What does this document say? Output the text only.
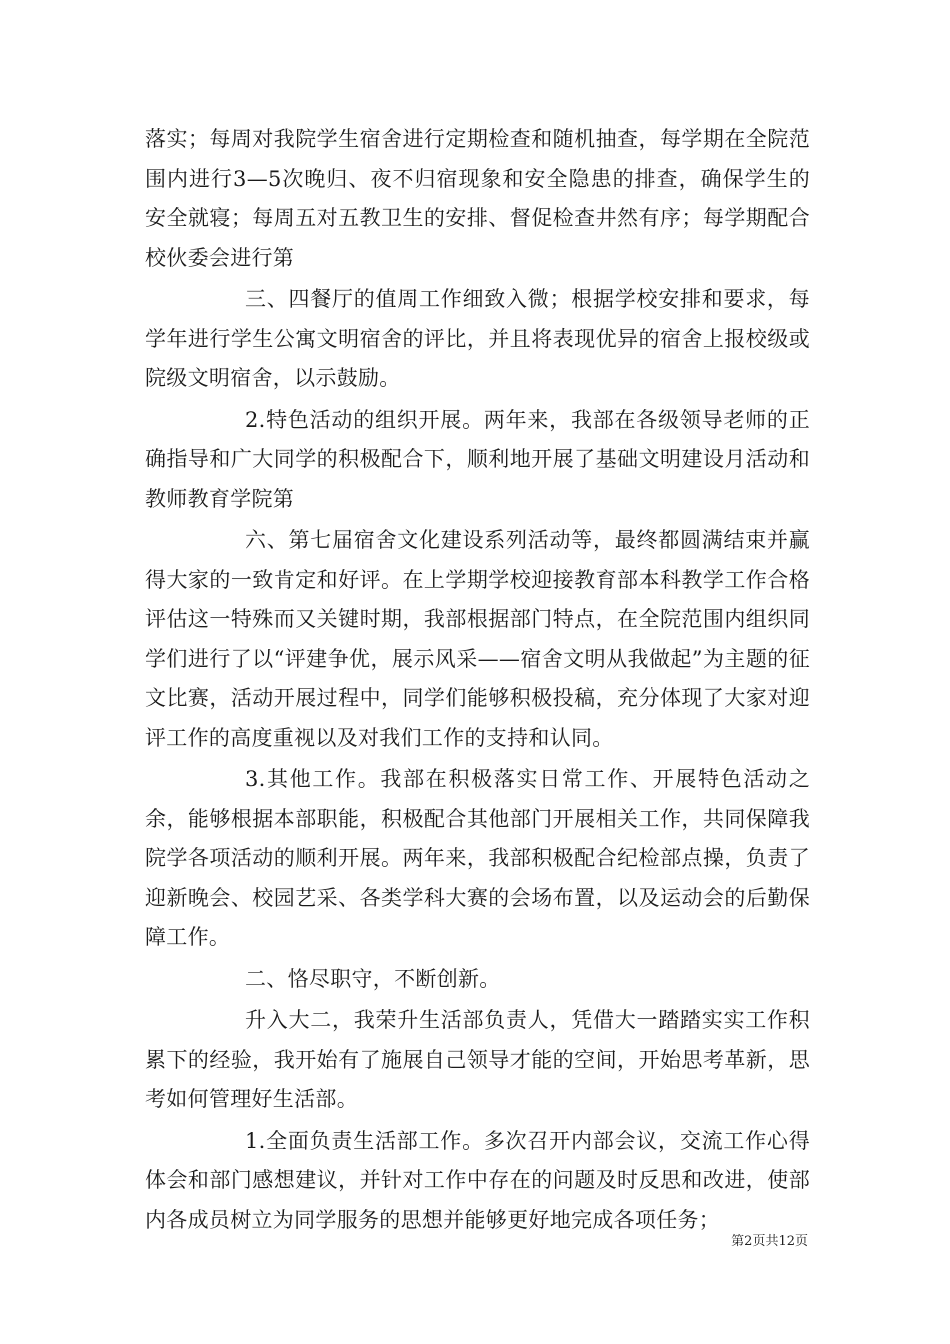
落实；每周对我院学生宿舍进行定期检查和随机抽查，每学期在全院范围内进行3—5次晚归、夜不归宿现象和安全隐患的排查，确保学生的安全就寝；每周五对五教卫生的安排、督促检查井然有序；每学期配合校伙委会进行第

三、四餐厅的值周工作细致入微；根据学校安排和要求，每学年进行学生公寓文明宿舍的评比，并且将表现优异的宿舍上报校级或院级文明宿舍，以示鼓励。

2.特色活动的组织开展。两年来，我部在各级领导老师的正确指导和广大同学的积极配合下，顺利地开展了基础文明建设月活动和教师教育学院第

六、第七届宿舍文化建设系列活动等，最终都圆满结束并赢得大家的一致肯定和好评。在上学期学校迎接教育部本科教学工作合格评估这一特殊而又关键时期，我部根据部门特点，在全院范围内组织同学们进行了以“评建争优，展示风采——宿舍文明从我做起”为主题的征文比赛，活动开展过程中，同学们能够积极投稿，充分体现了大家对迎评工作的高度重视以及对我们工作的支持和认同。

3.其他工作。我部在积极落实日常工作、开展特色活动之余，能够根据本部职能，积极配合其他部门开展相关工作，共同保障我院学各项活动的顺利开展。两年来，我部积极配合纪检部点操，负责了迎新晚会、校园艺采、各类学科大赛的会场布置，以及运动会的后勤保障工作。

二、恪尽职守，不断创新。

升入大二，我荣升生活部负责人，凭借大一踏踏实实工作积累下的经验，我开始有了施展自己领导才能的空间，开始思考革新，思考如何管理好生活部。

1.全面负责生活部工作。多次召开内部会议，交流工作心得体会和部门感想建议，并针对工作中存在的问题及时反思和改进，使部内各成员树立为同学服务的思想并能够更好地完成各项任务；

第2页共12页
